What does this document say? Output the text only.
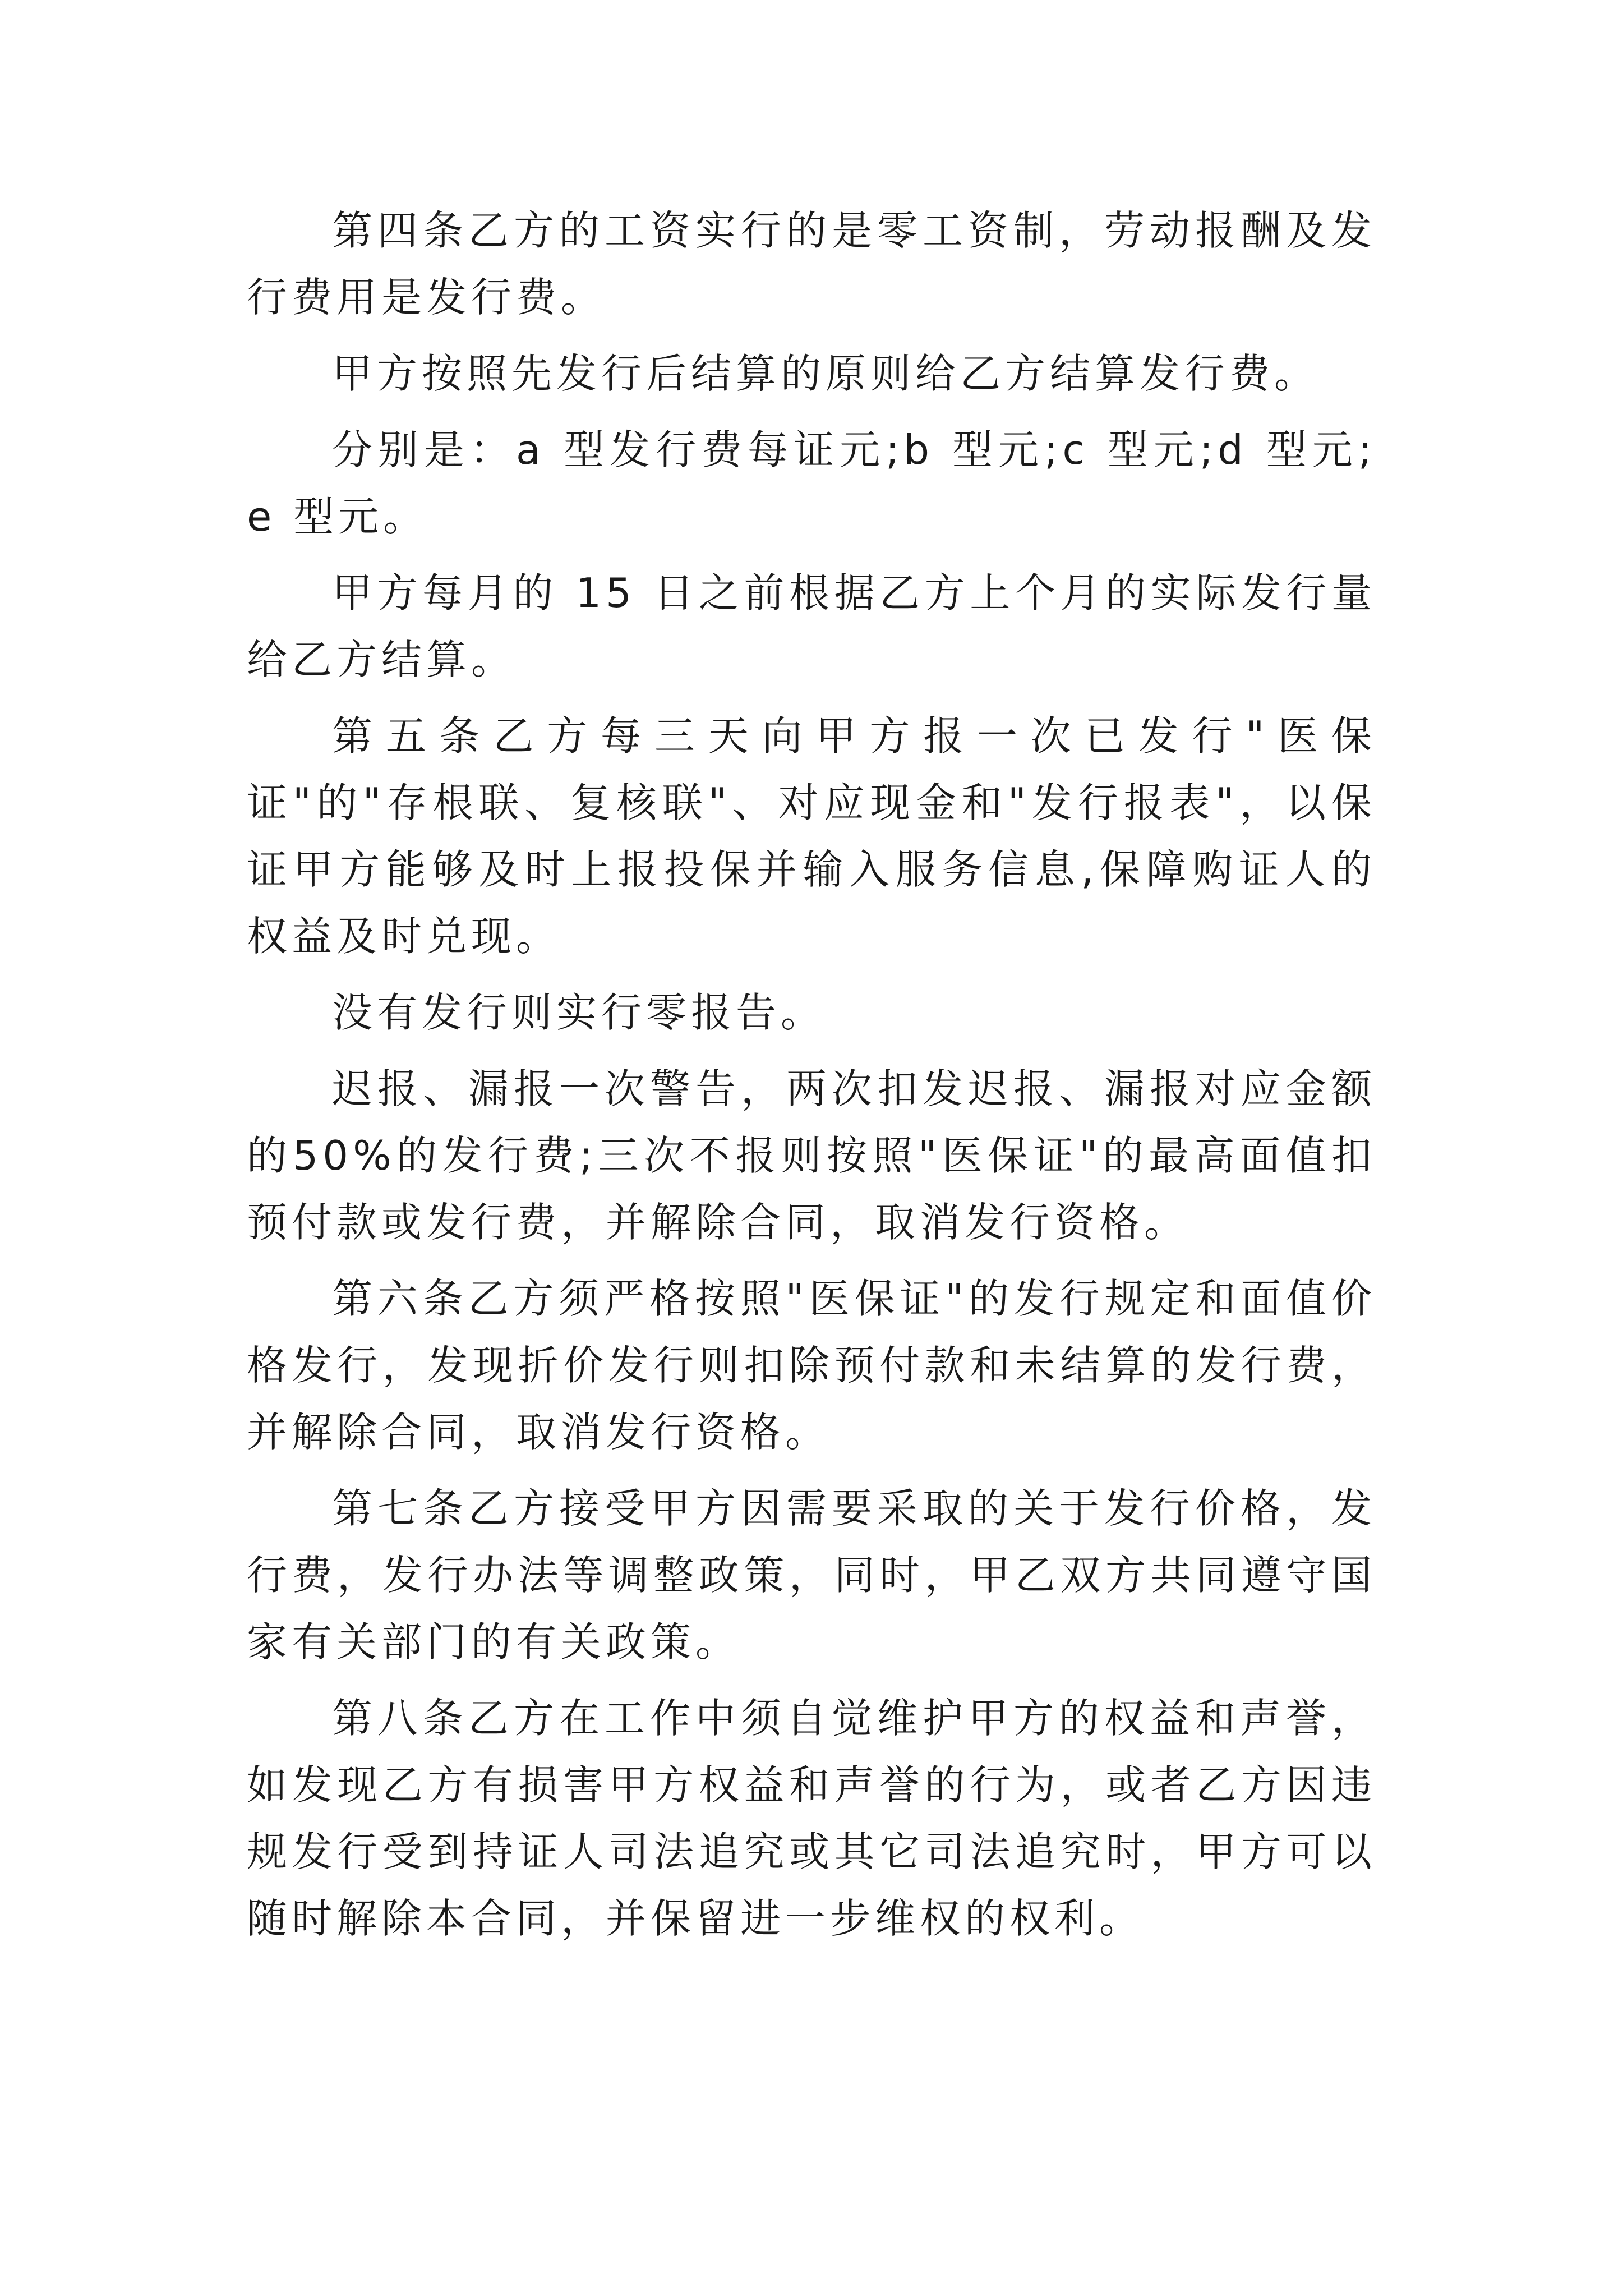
第四条乙方的工资实行的是零工资制，劳动报酬及发行费用是发行费。

甲方按照先发行后结算的原则给乙方结算发行费。

分别是：a 型发行费每证元;b 型元;c 型元;d 型元;e 型元。

甲方每月的 15 日之前根据乙方上个月的实际发行量给乙方结算。

第五条乙方每三天向甲方报一次已发行"医保证"的"存根联、复核联"、对应现金和"发行报表"，以保证甲方能够及时上报投保并输入服务信息,保障购证人的权益及时兑现。

没有发行则实行零报告。

迟报、漏报一次警告，两次扣发迟报、漏报对应金额的50%的发行费;三次不报则按照"医保证"的最高面值扣预付款或发行费，并解除合同，取消发行资格。

第六条乙方须严格按照"医保证"的发行规定和面值价格发行，发现折价发行则扣除预付款和未结算的发行费，并解除合同，取消发行资格。

第七条乙方接受甲方因需要采取的关于发行价格，发行费，发行办法等调整政策，同时，甲乙双方共同遵守国家有关部门的有关政策。

第八条乙方在工作中须自觉维护甲方的权益和声誉，如发现乙方有损害甲方权益和声誉的行为，或者乙方因违规发行受到持证人司法追究或其它司法追究时，甲方可以随时解除本合同，并保留进一步维权的权利。
